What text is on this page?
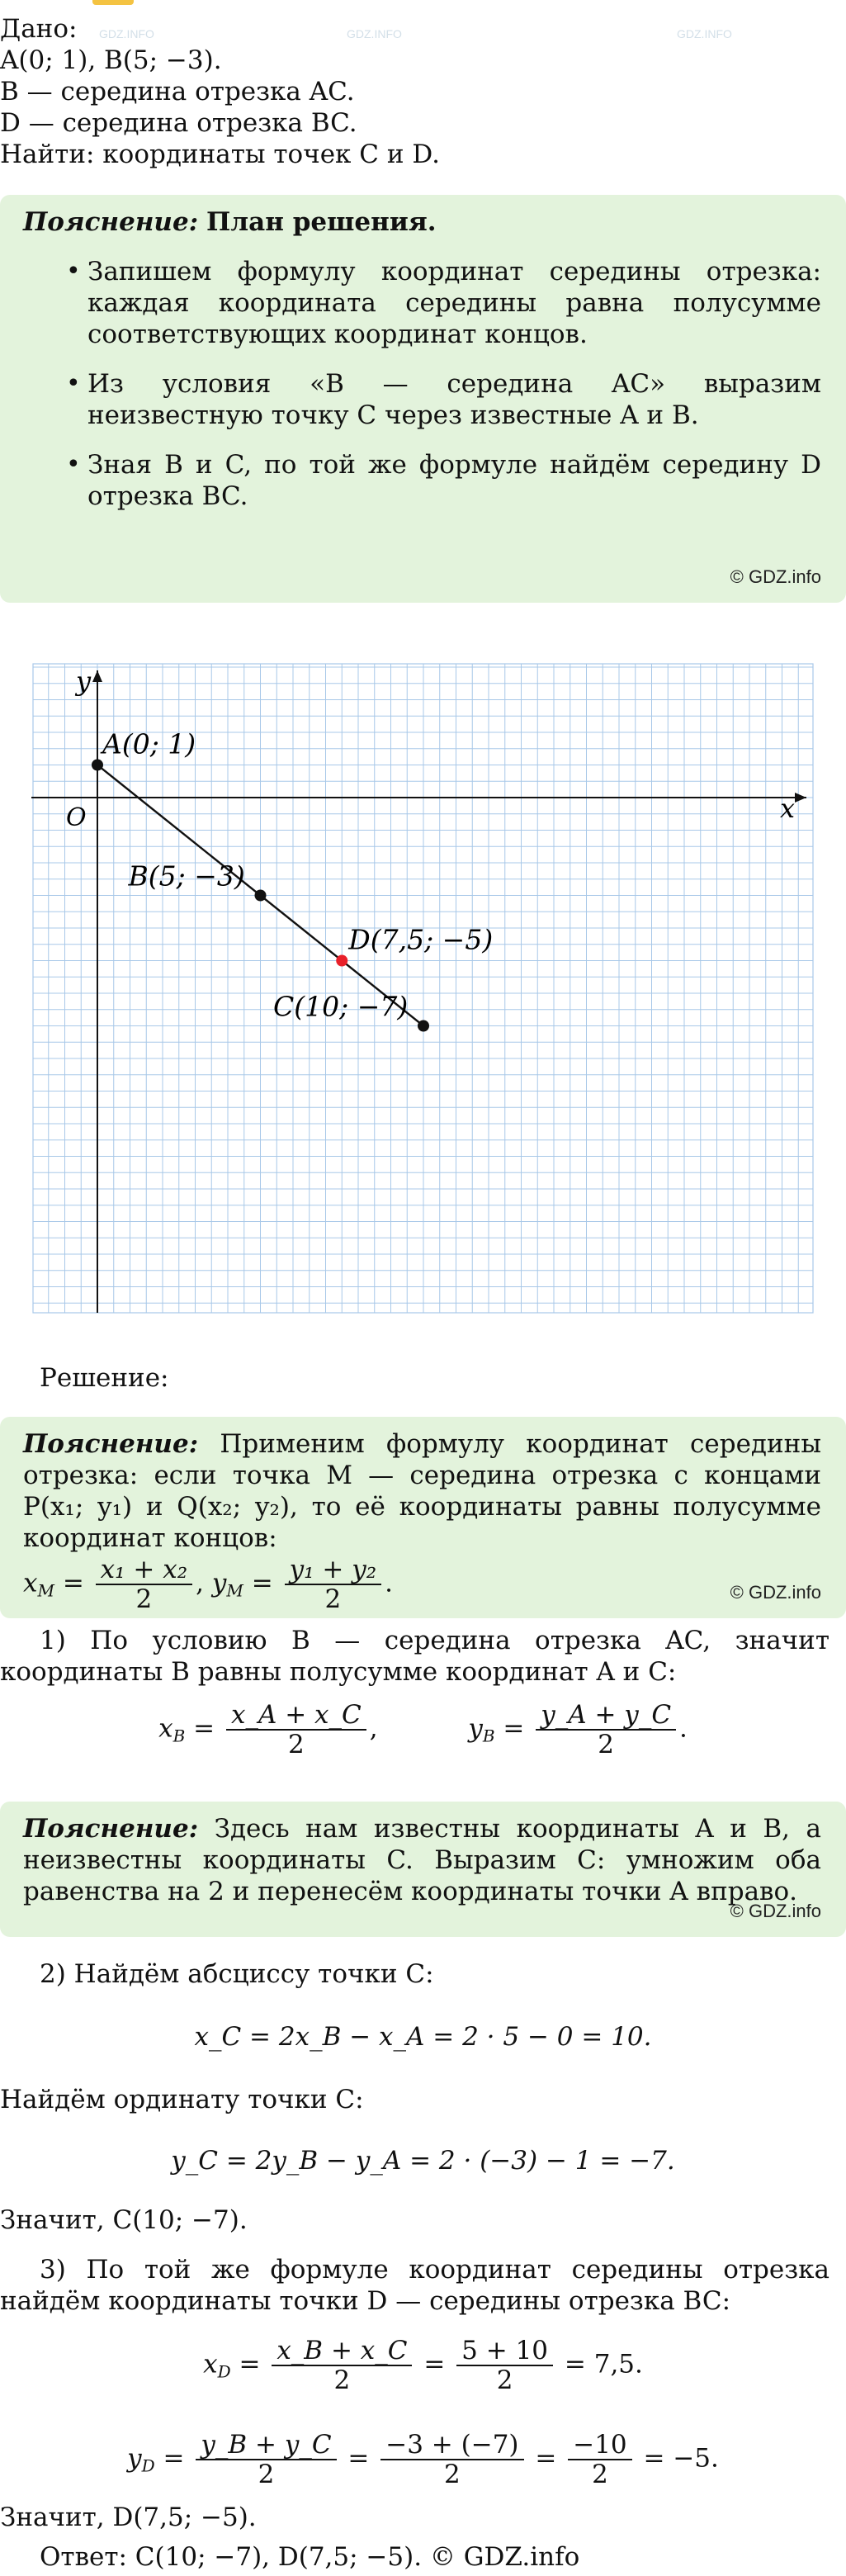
GDZ.INFO	GDZ.INFO	GDZ.INFO
Дано:
A(0; 1), B(5; −3).
B — середина отрезка AC.
D — середина отрезка BC.
Найти: координаты точек C и D.
Пояснение: План решения.
• Запишем формулу координат середины отрезка: каждая координата середины равна полусумме соответствующих координат концов.
• Из условия «B — середина AC» выразим неизвестную точку C через известные A и B.
• Зная B и C, по той же формуле найдём середину D отрезка BC.
© GDZ.info
x
y
O
A(0; 1)
B(5; −3)
D(7,5; −5)
C(10; −7)
Решение:
Пояснение: Применим формулу координат середины отрезка: если точка M — середина отрезка с концами P(x₁; y₁) и Q(x₂; y₂), то её координаты равны полусумме координат концов:
$x_M = \frac{\text{x₁ + x₂}}{2}$ , $y_M = \frac{\text{y₁ + y₂}}{2}$ .	© GDZ.info
1) По условию B — середина отрезка AC, значит координаты B равны полусумме координат A и C:
$x_B = \frac{x\_A + x\_C}{2}$ ,	$y_B = \frac{y\_A + y\_C}{2}$ .
Пояснение: Здесь нам известны координаты A и B, а неизвестны координаты C. Выразим C: умножим оба равенства на 2 и перенесём координаты точки A вправо.
© GDZ.info
2) Найдём абсциссу точки C:
x_C = 2x_B − x_A = 2 · 5 − 0 = 10.
Найдём ординату точки C:
y_C = 2y_B − y_A = 2 · (−3) − 1 = −7.
Значит, C(10; −7).
3) По той же формуле координат середины отрезка найдём координаты точки D — середины отрезка BC:
$x_D = \frac{x\_B + x\_C}{2} = \frac{5 + 10}{2} = 7,5$.
$y_D = \frac{y\_B + y\_C}{2} = \frac{-3 + (-7)}{2} = \frac{-10}{2} = -5$.
Значит, D(7,5; −5).
Ответ: C(10; −7), D(7,5; −5). © GDZ.info
